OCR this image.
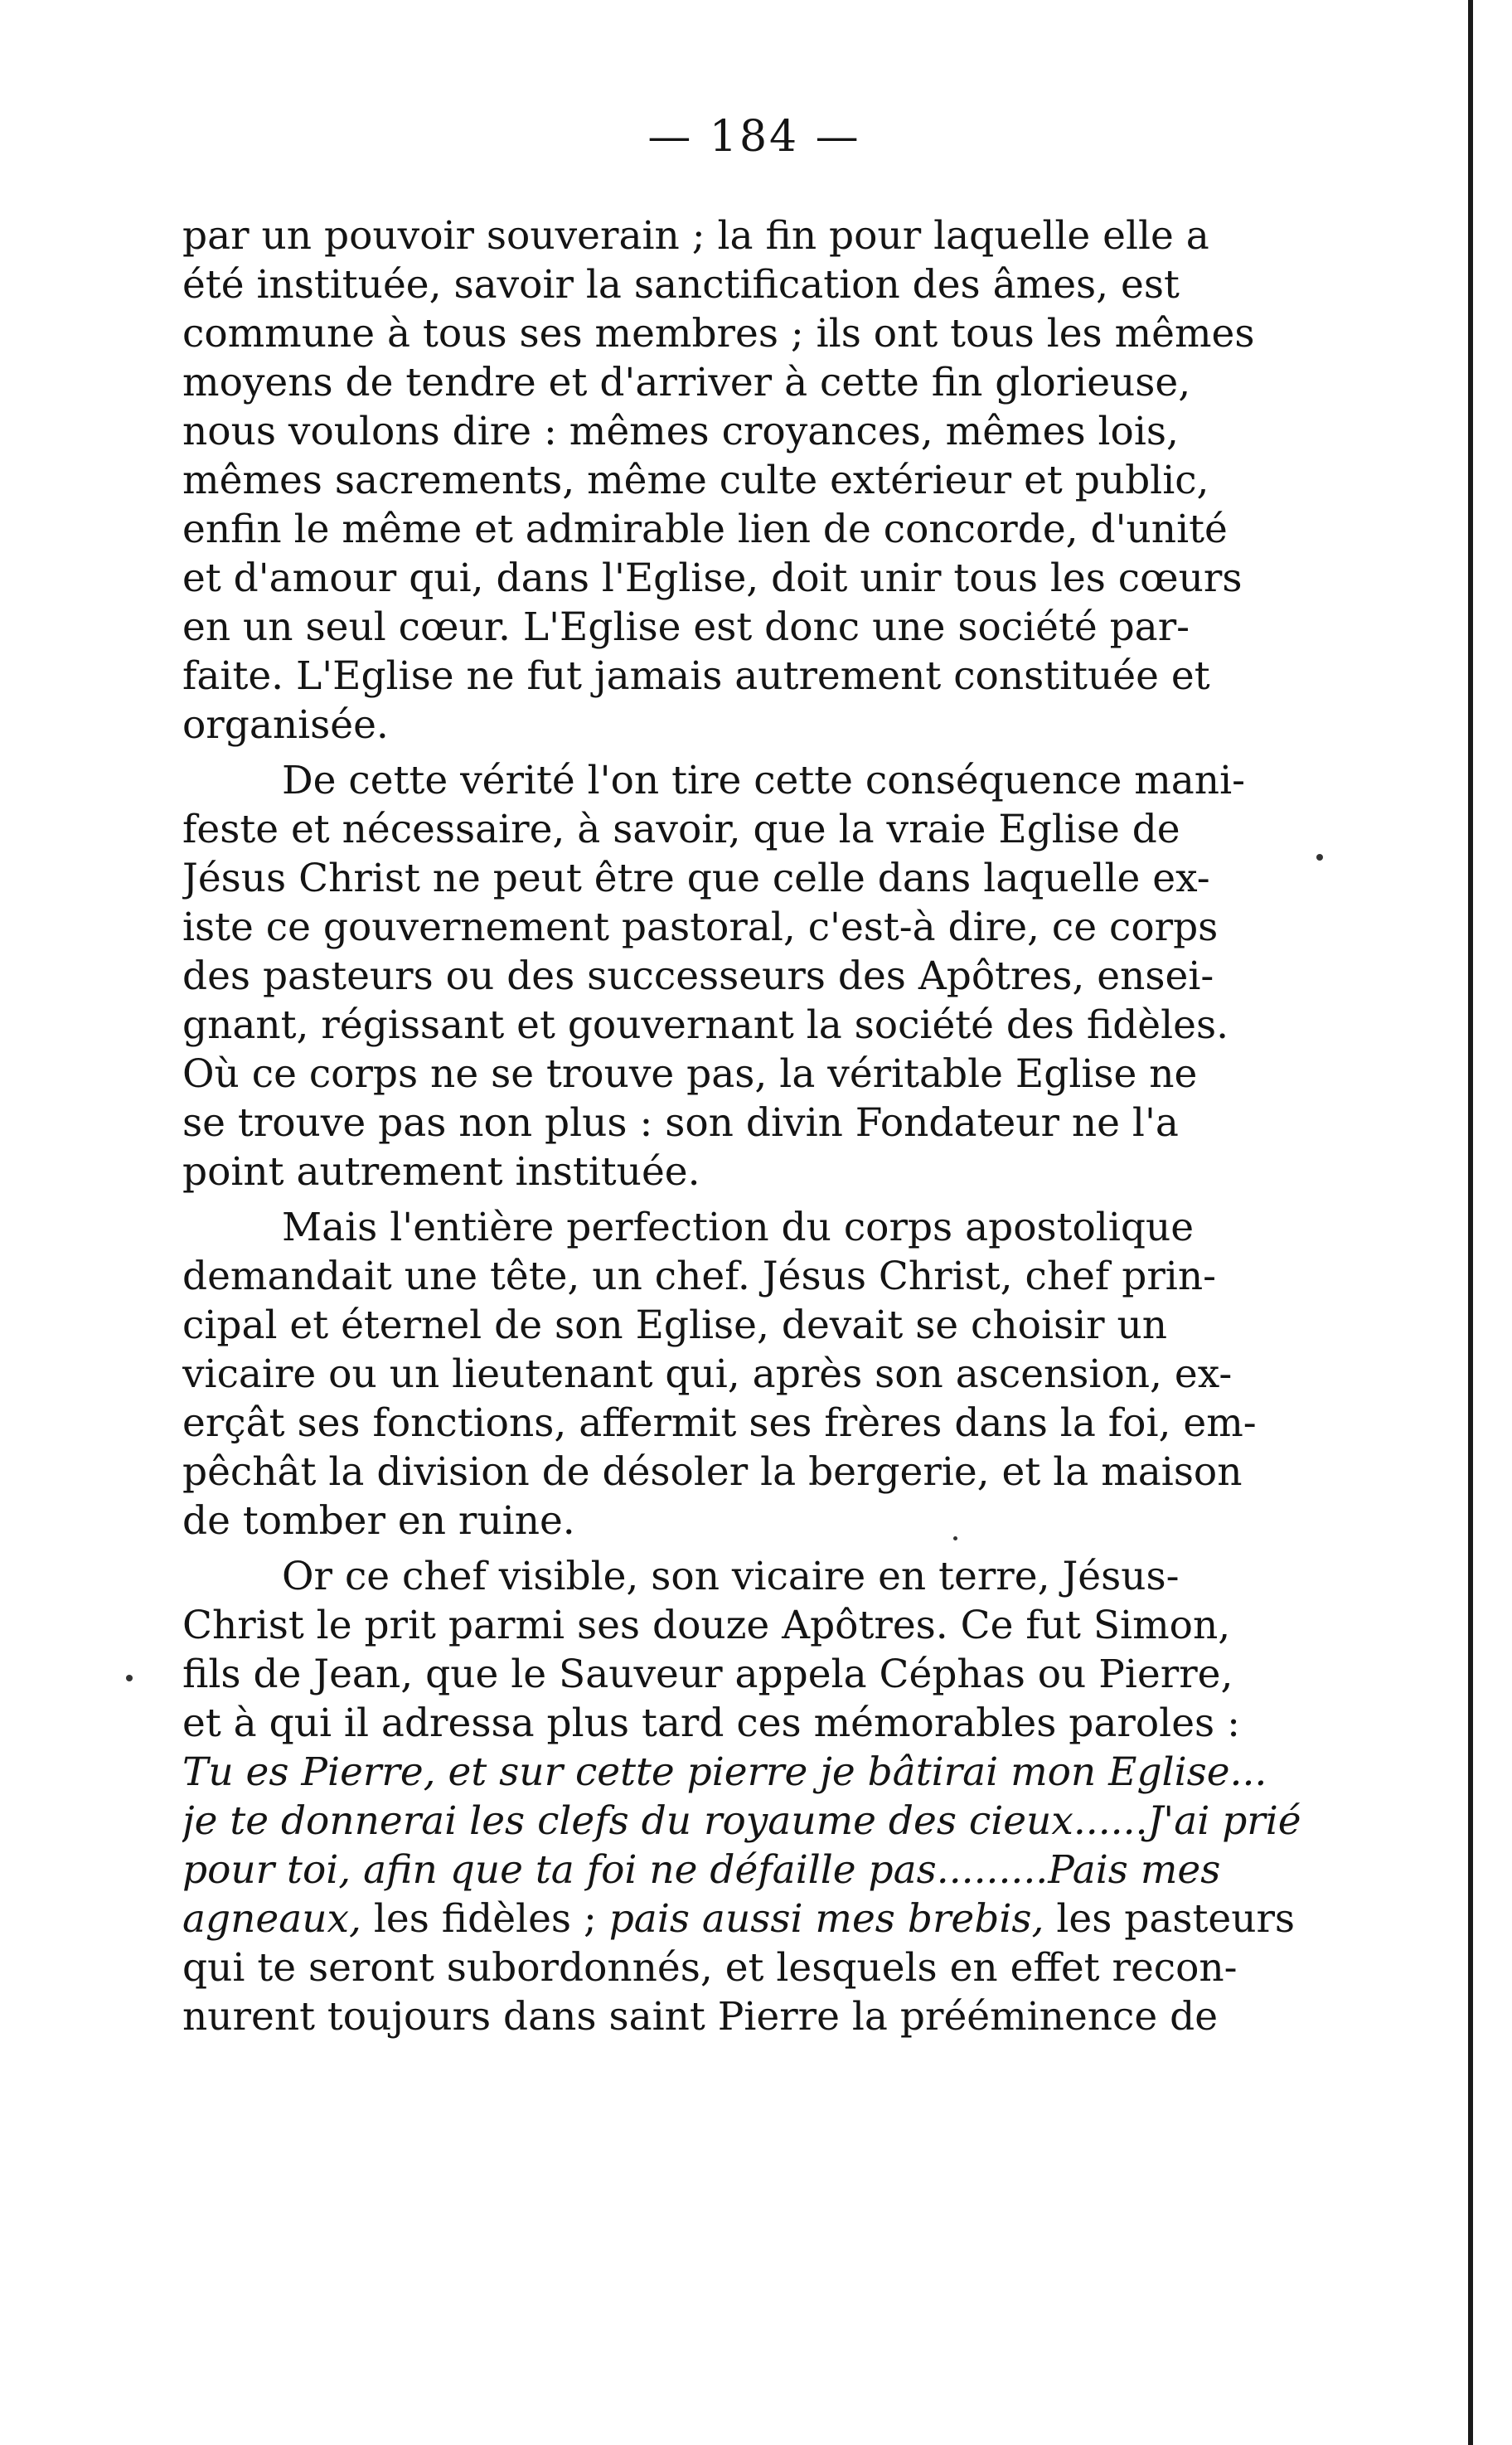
— 184 —
par un pouvoir souverain ; la fin pour laquelle elle a
été instituée, savoir la sanctification des âmes, est
commune à tous ses membres ; ils ont tous les mêmes
moyens de tendre et d'arriver à cette fin glorieuse,
nous voulons dire : mêmes croyances, mêmes lois,
mêmes sacrements, même culte extérieur et public,
enfin le même et admirable lien de concorde, d'unité
et d'amour qui, dans l'Eglise, doit unir tous les cœurs
en un seul cœur. L'Eglise est donc une société par-
faite. L'Eglise ne fut jamais autrement constituée et
organisée.
De cette vérité l'on tire cette conséquence mani-
feste et nécessaire, à savoir, que la vraie Eglise de
Jésus Christ ne peut être que celle dans laquelle ex-
iste ce gouvernement pastoral, c'est-à dire, ce corps
des pasteurs ou des successeurs des Apôtres, ensei-
gnant, régissant et gouvernant la société des fidèles.
Où ce corps ne se trouve pas, la véritable Eglise ne
se trouve pas non plus : son divin Fondateur ne l'a
point autrement instituée.
Mais l'entière perfection du corps apostolique
demandait une tête, un chef. Jésus Christ, chef prin-
cipal et éternel de son Eglise, devait se choisir un
vicaire ou un lieutenant qui, après son ascension, ex-
erçât ses fonctions, affermit ses frères dans la foi, em-
pêchât la division de désoler la bergerie, et la maison
de tomber en ruine.
Or ce chef visible, son vicaire en terre, Jésus-
Christ le prit parmi ses douze Apôtres. Ce fut Simon,
fils de Jean, que le Sauveur appela Céphas ou Pierre,
et à qui il adressa plus tard ces mémorables paroles :
Tu es Pierre, et sur cette pierre je bâtirai mon Eglise...
je te donnerai les clefs du royaume des cieux......J'ai prié
pour toi, afin que ta foi ne défaille pas.........Pais mes
agneaux, les fidèles ; pais aussi mes brebis, les pasteurs
qui te seront subordonnés, et lesquels en effet recon-
nurent toujours dans saint Pierre la prééminence de
